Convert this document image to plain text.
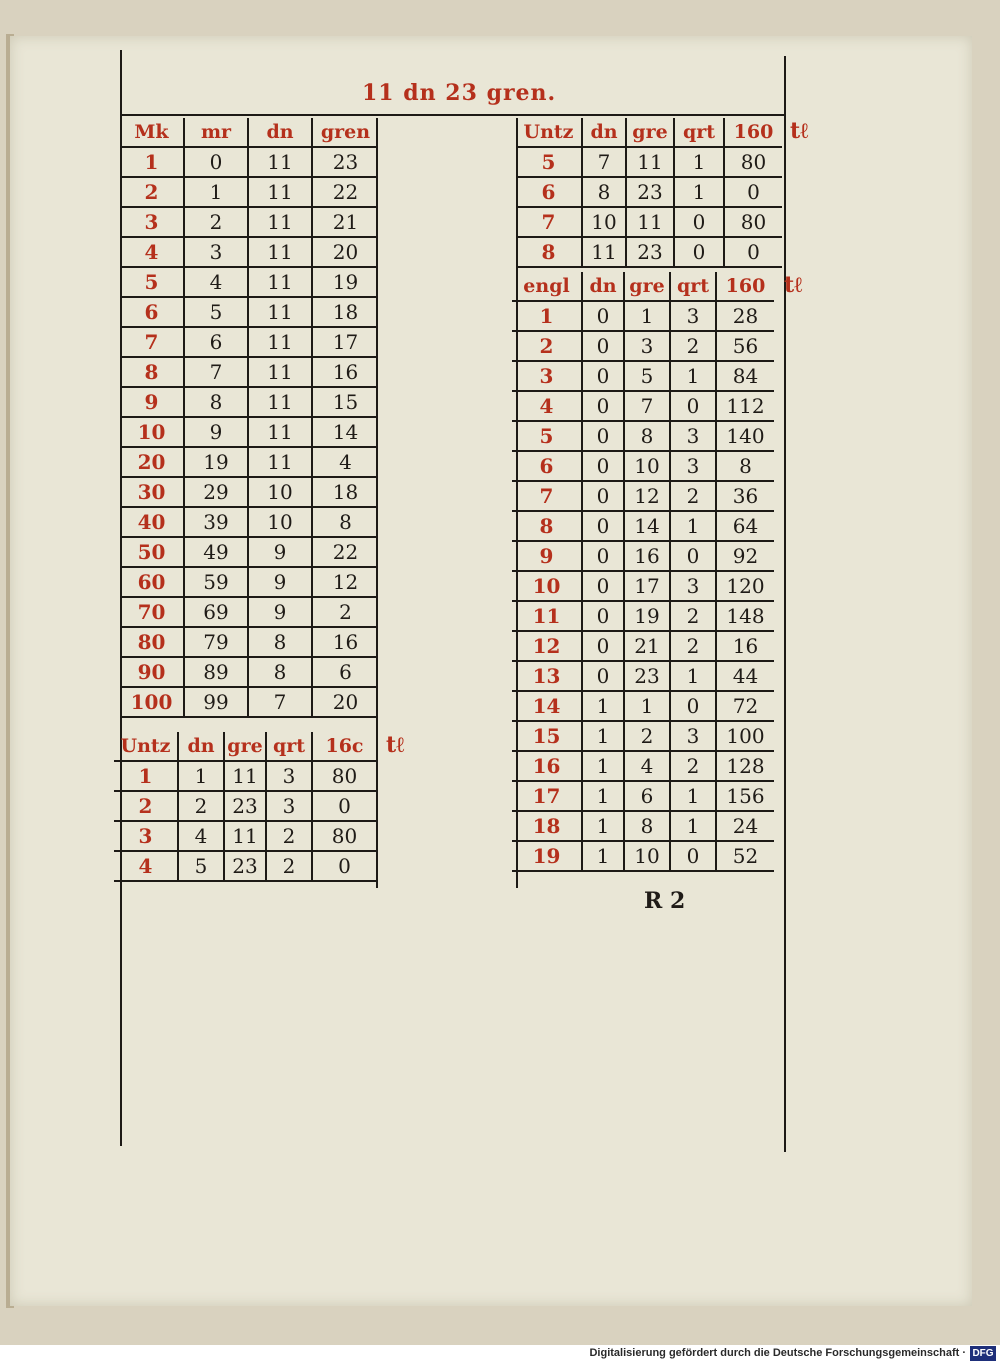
11 dn 23 gren.
Mk	mr	dn	gren
1	0	11	23
2	1	11	22
3	2	11	21
4	3	11	20
5	4	11	19
6	5	11	18
7	6	11	17
8	7	11	16
9	8	11	15
10	9	11	14
20	19	11	4
30	29	10	18
40	39	10	8
50	49	9	22
60	59	9	12
70	69	9	2
80	79	8	16
90	89	8	6
100	99	7	20
Untz	dn	gre	qrt	16c
1	1	11	3	80
2	2	23	3	0
3	4	11	2	80
4	5	23	2	0
tℓ
Untz	dn	gre	qrt	160
5	7	11	1	80
6	8	23	1	0
7	10	11	0	80
8	11	23	0	0
tℓ
engl	dn	gre	qrt	160
1	0	1	3	28
2	0	3	2	56
3	0	5	1	84
4	0	7	0	112
5	0	8	3	140
6	0	10	3	8
7	0	12	2	36
8	0	14	1	64
9	0	16	0	92
10	0	17	3	120
11	0	19	2	148
12	0	21	2	16
13	0	23	1	44
14	1	1	0	72
15	1	2	3	100
16	1	4	2	128
17	1	6	1	156
18	1	8	1	24
19	1	10	0	52
tℓ
R 2
Digitalisierung gefördert durch die Deutsche Forschungsgemeinschaft · DFG
